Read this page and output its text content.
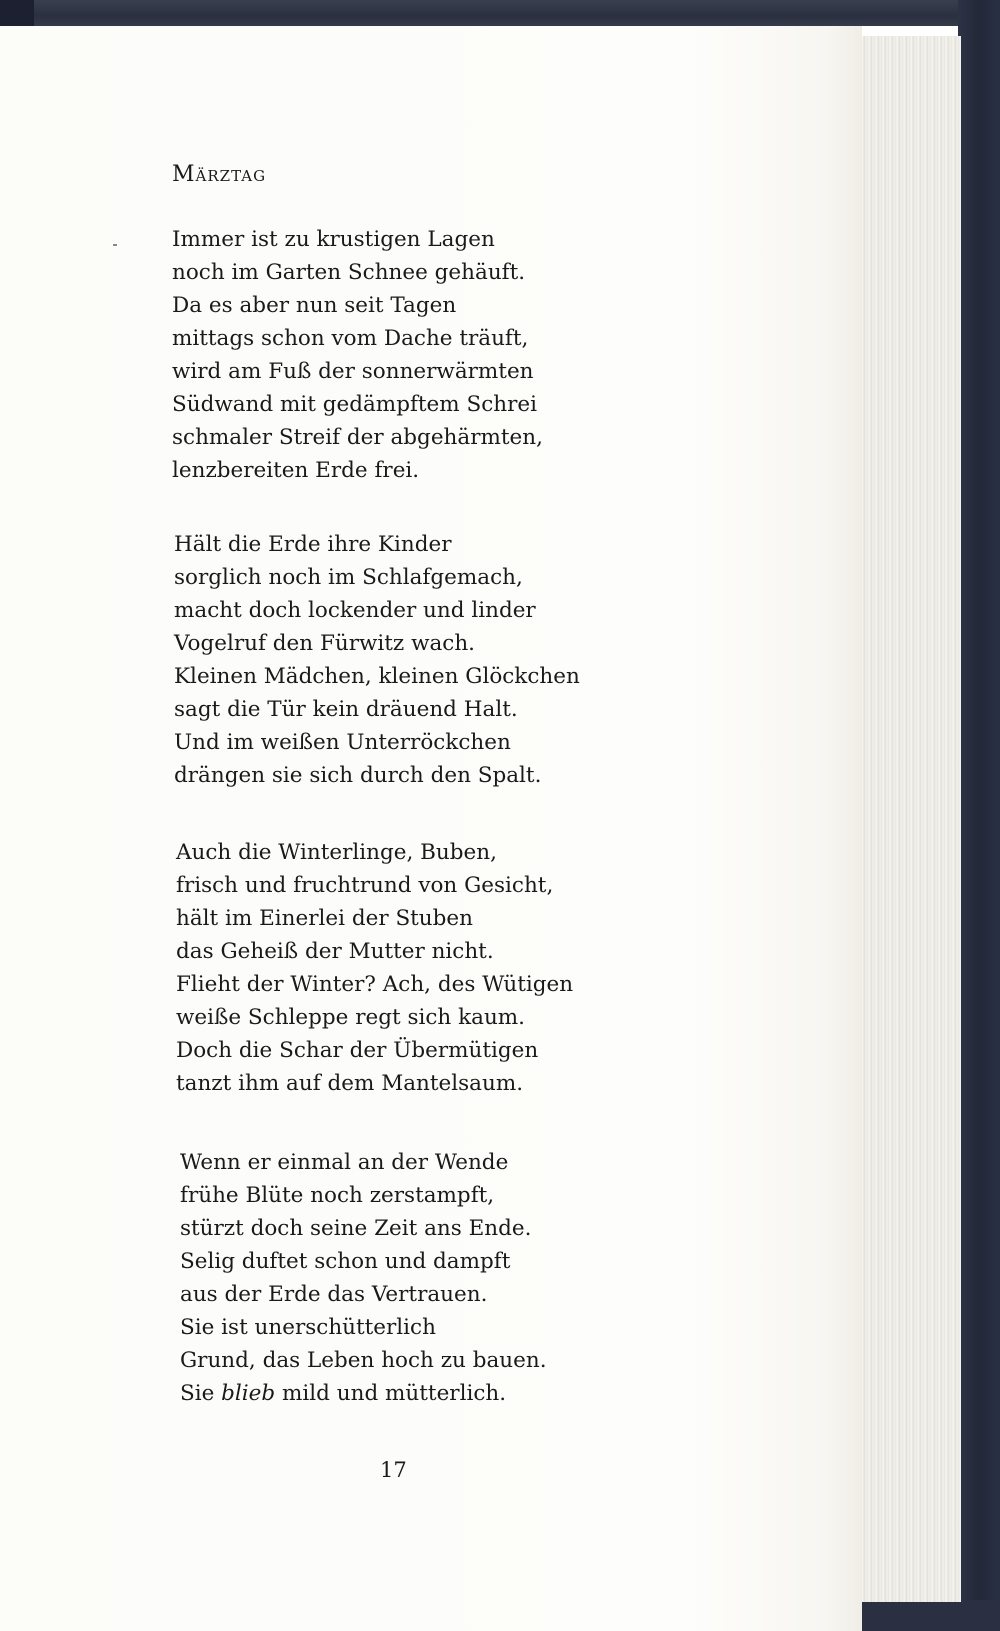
Märztag
Immer ist zu krustigen Lagen
noch im Garten Schnee gehäuft.
Da es aber nun seit Tagen
mittags schon vom Dache träuft,
wird am Fuß der sonnerwärmten
Südwand mit gedämpftem Schrei
schmaler Streif der abgehärmten,
lenzbereiten Erde frei.
Hält die Erde ihre Kinder
sorglich noch im Schlafgemach,
macht doch lockender und linder
Vogelruf den Fürwitz wach.
Kleinen Mädchen, kleinen Glöckchen
sagt die Tür kein dräuend Halt.
Und im weißen Unterröckchen
drängen sie sich durch den Spalt.
Auch die Winterlinge, Buben,
frisch und fruchtrund von Gesicht,
hält im Einerlei der Stuben
das Geheiß der Mutter nicht.
Flieht der Winter? Ach, des Wütigen
weiße Schleppe regt sich kaum.
Doch die Schar der Übermütigen
tanzt ihm auf dem Mantelsaum.
Wenn er einmal an der Wende
frühe Blüte noch zerstampft,
stürzt doch seine Zeit ans Ende.
Selig duftet schon und dampft
aus der Erde das Vertrauen.
Sie ist unerschütterlich
Grund, das Leben hoch zu bauen.
Sie blieb mild und mütterlich.
17
